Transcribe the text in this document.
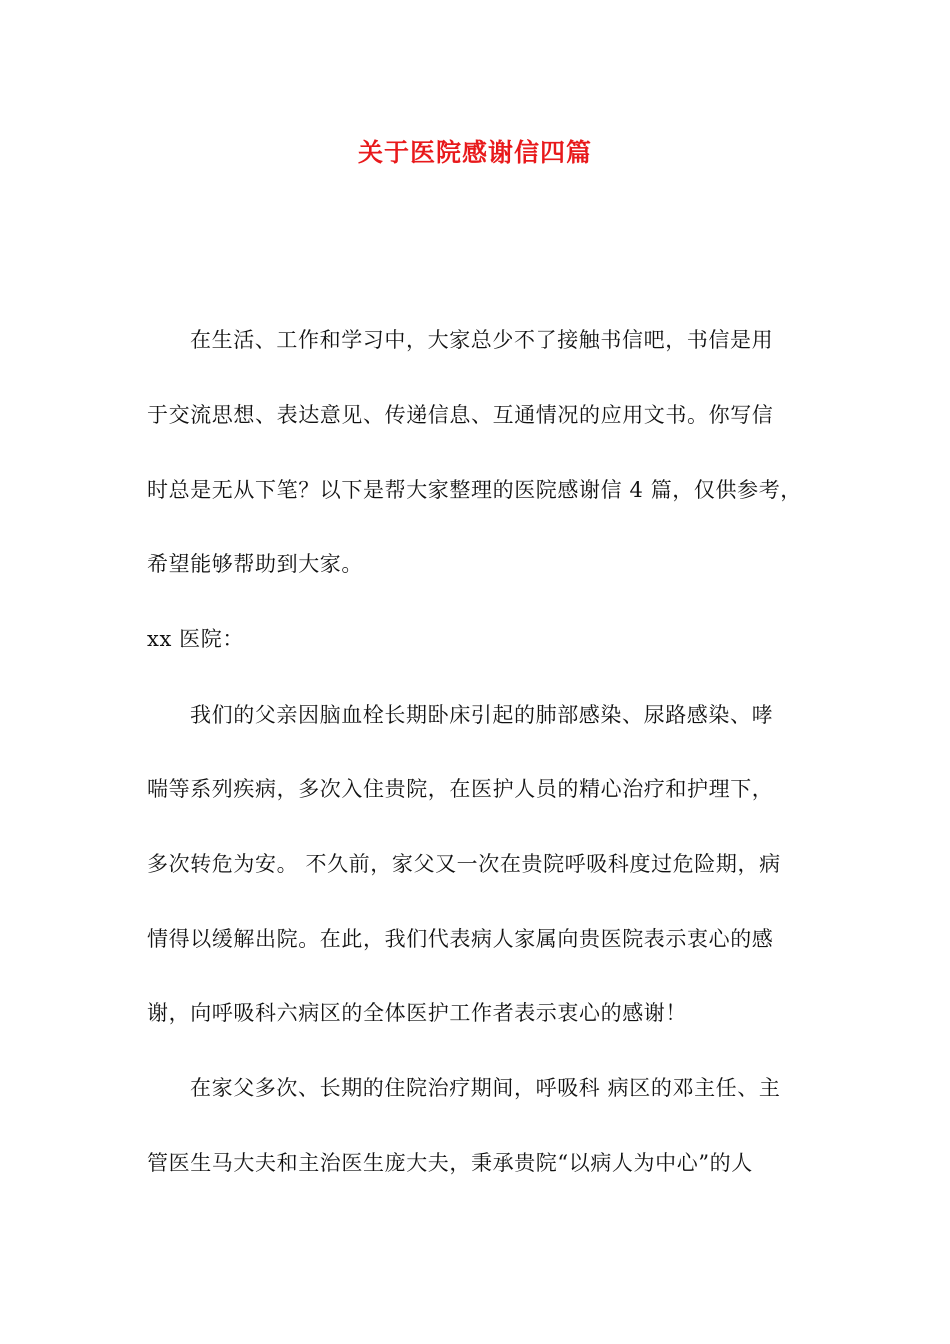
关于医院感谢信四篇
在生活、工作和学习中，大家总少不了接触书信吧，书信是用
于交流思想、表达意见、传递信息、互通情况的应用文书。你写信
时总是无从下笔？以下是帮大家整理的医院感谢信 4 篇，仅供参考，
希望能够帮助到大家。
xx 医院：
我们的父亲因脑血栓长期卧床引起的肺部感染、尿路感染、哮
喘等系列疾病，多次入住贵院，在医护人员的精心治疗和护理下，
多次转危为安。 不久前，家父又一次在贵院呼吸科度过危险期，病
情得以缓解出院。在此，我们代表病人家属向贵医院表示衷心的感
谢，向呼吸科六病区的全体医护工作者表示衷心的感谢！
在家父多次、长期的住院治疗期间，呼吸科 病区的邓主任、主
管医生马大夫和主治医生庞大夫，秉承贵院“以病人为中心”的人
